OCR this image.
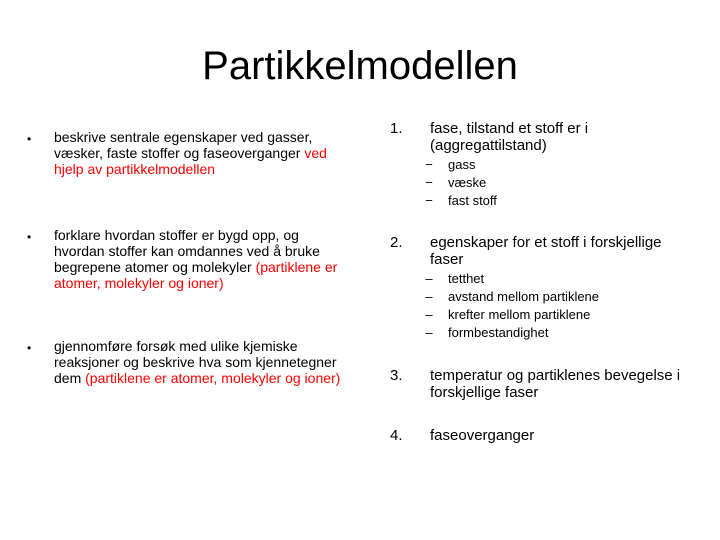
Partikkelmodellen
• beskrive sentrale egenskaper ved gasser, væsker, faste stoffer og faseoverganger ved hjelp av partikkelmodellen
• forklare hvordan stoffer er bygd opp, og hvordan stoffer kan omdannes ved å bruke begrepene atomer og molekyler (partiklene er atomer, molekyler og ioner)
• gjennomføre forsøk med ulike kjemiske reaksjoner og beskrive hva som kjennetegner dem (partiklene er atomer, molekyler og ioner)
1. fase, tilstand et stoff er i (aggregattilstand)
− gass
− væske
− fast stoff
2. egenskaper for et stoff i forskjellige faser
– tetthet
– avstand mellom partiklene
– krefter mellom partiklene
– formbestandighet
3. temperatur og partiklenes bevegelse i forskjellige faser
4. faseoverganger
